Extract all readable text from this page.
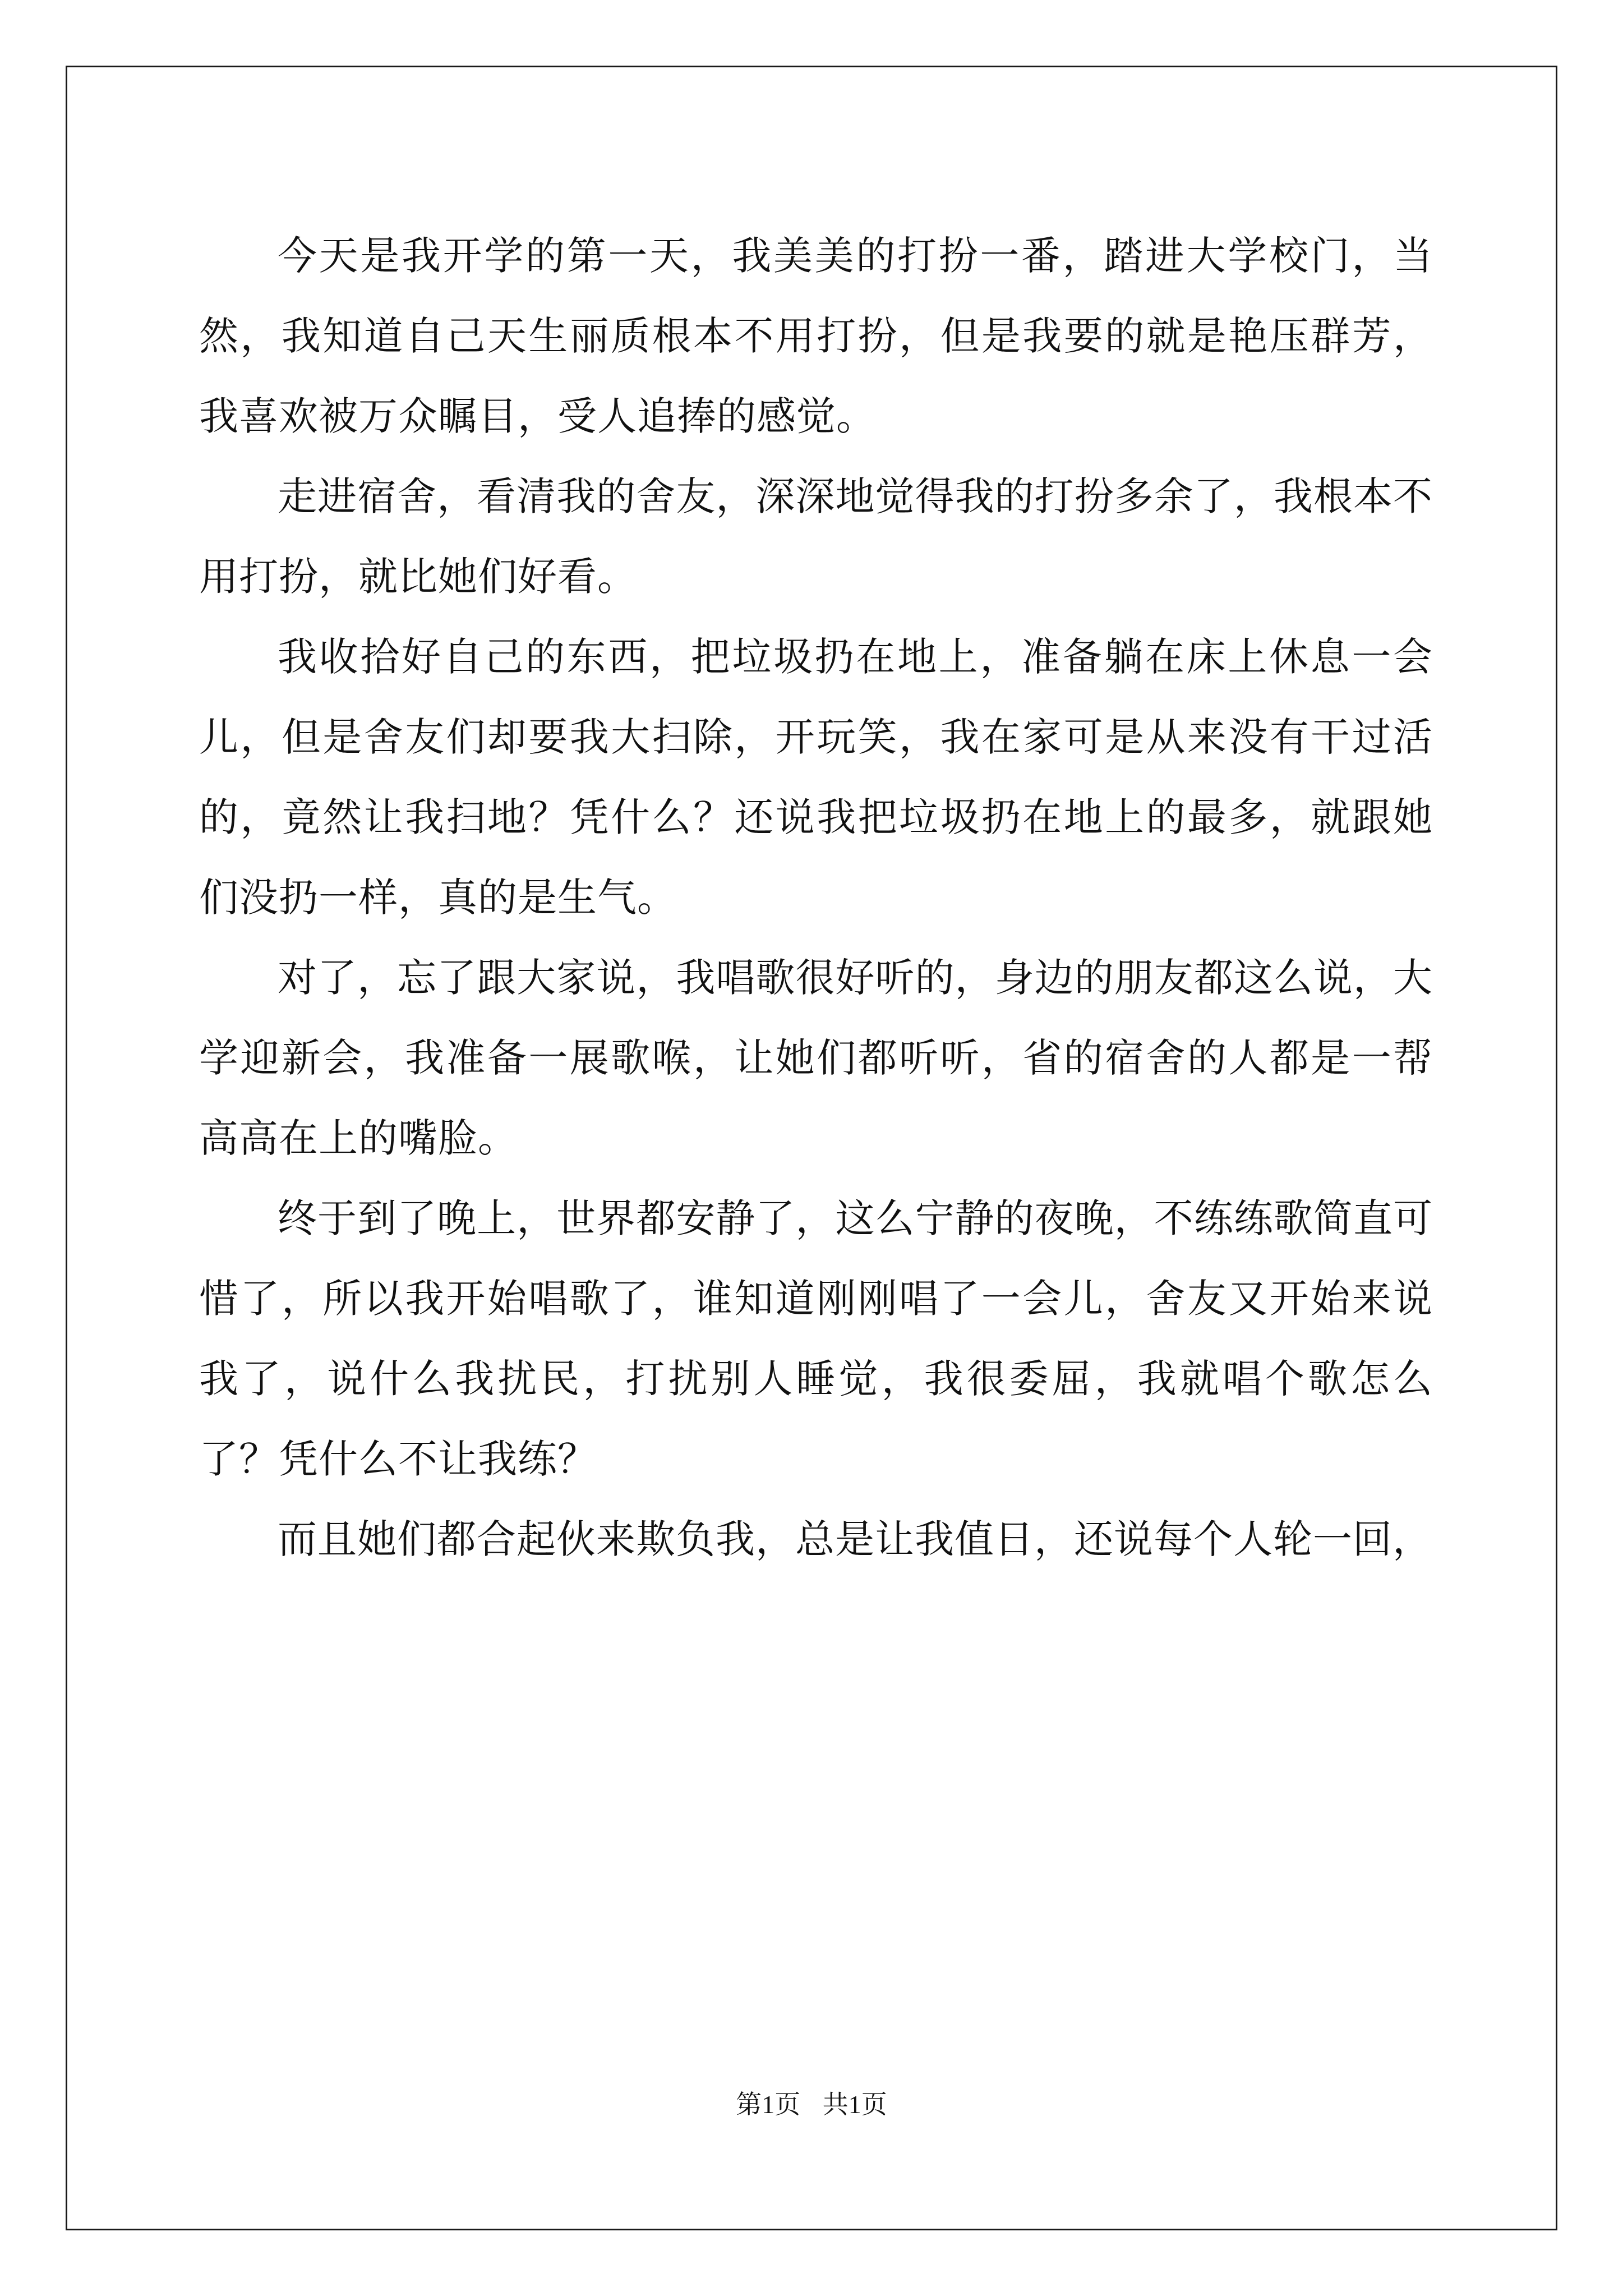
今天是我开学的第一天，我美美的打扮一番，踏进大学校门，当然，我知道自己天生丽质根本不用打扮，但是我要的就是艳压群芳，我喜欢被万众瞩目，受人追捧的感觉。

走进宿舍，看清我的舍友，深深地觉得我的打扮多余了，我根本不用打扮，就比她们好看。

我收拾好自己的东西，把垃圾扔在地上，准备躺在床上休息一会儿，但是舍友们却要我大扫除，开玩笑，我在家可是从来没有干过活的，竟然让我扫地？凭什么？还说我把垃圾扔在地上的最多，就跟她们没扔一样，真的是生气。

对了，忘了跟大家说，我唱歌很好听的，身边的朋友都这么说，大学迎新会，我准备一展歌喉，让她们都听听，省的宿舍的人都是一帮高高在上的嘴脸。

终于到了晚上，世界都安静了，这么宁静的夜晚，不练练歌简直可惜了，所以我开始唱歌了，谁知道刚刚唱了一会儿，舍友又开始来说我了，说什么我扰民，打扰别人睡觉，我很委屈，我就唱个歌怎么了？凭什么不让我练？

而且她们都合起伙来欺负我，总是让我值日，还说每个人轮一回，

第1页 共1页
